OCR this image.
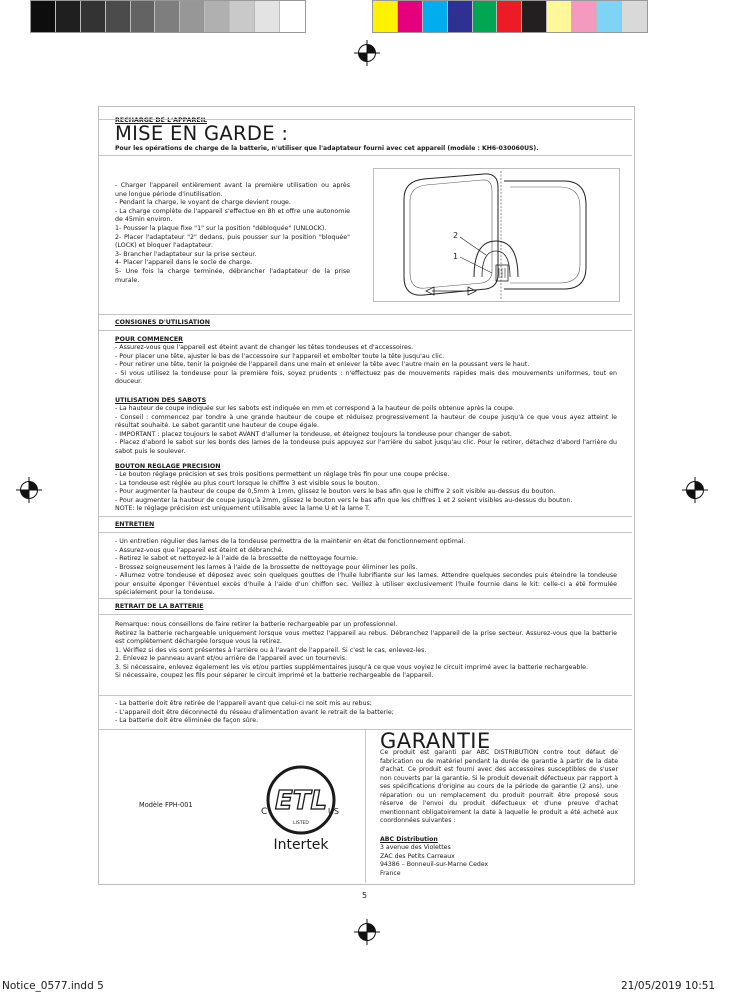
RECHARGE DE L'APPAREIL
MISE EN GARDE :
Pour les opérations de charge de la batterie, n'utiliser que l'adaptateur fourni avec cet appareil (modèle : KH6-030060US).

- Charger l'appareil entièrement avant la première utilisation ou après une longue période d'inutilisation.

- Pendant la charge, le voyant de charge devient rouge.

- La charge complète de l'appareil s'effectue en 8h et offre une autonomie de 45min environ.

1- Pousser la plaque fixe "1" sur la position "débloquée" (UNLOCK).

2- Placer l'adaptateur "2" dedans, puis pousser sur la position "bloquée" (LOCK) et bloquer l'adaptateur.

3- Brancher l'adaptateur sur la prise secteur.

4- Placer l'appareil dans le socle de charge.

5- Une fois la charge terminée, débrancher l'adaptateur de la prise murale.

2
1
CONSIGNES D'UTILISATION
POUR COMMENCER

- Assurez-vous que l'appareil est éteint avant de changer les têtes tondeuses et d'accessoires.

- Pour placer une tête, ajuster le bas de l'accessoire sur l'appareil et emboîter toute la tête jusqu'au clic.

- Pour retirer une tête, tenir la poignée de l'appareil dans une main et enlever la tête avec l'autre main en la poussant vers le haut.

- Si vous utilisez la tondeuse pour la première fois, soyez prudents : n'effectuez pas de mouvements rapides mais des mouvements uniformes, tout en douceur.

UTILISATION DES SABOTS

- La hauteur de coupe indiquée sur les sabots est indiquée en mm et correspond à la hauteur de poils obtenue après la coupe.

- Conseil : commencez par tondre à une grande hauteur de coupe et réduisez progressivement la hauteur de coupe jusqu'à ce que vous ayez atteint le résultat souhaité. Le sabot garantit une hauteur de coupe égale.

- IMPORTANT : placez toujours le sabot AVANT d'allumer la tondeuse, et éteignez toujours la tondeuse pour changer de sabot.

- Placez d'abord le sabot sur les bords des lames de la tondeuse puis appuyez sur l'arrière du sabot jusqu'au clic. Pour le retirer, détachez d'abord l'arrière du sabot puis le soulever.

BOUTON REGLAGE PRECISION

- Le bouton réglage précision et ses trois positions permettent un réglage très fin pour une coupe précise.

- La tondeuse est réglée au plus court lorsque le chiffre 3 est visible sous le bouton.

- Pour augmenter la hauteur de coupe de 0,5mm à 1mm, glissez le bouton vers le bas afin que le chiffre 2 soit visible au-dessus du bouton.

- Pour augmenter la hauteur de coupe jusqu'à 2mm, glissez le bouton vers le bas afin que les chiffres 1 et 2 soient visibles au-dessus du bouton.

NOTE: le réglage précision est uniquement utilisable avec la lame U et la lame T.

ENTRETIEN

- Un entretien régulier des lames de la tondeuse permettra de la maintenir en état de fonctionnement optimal.

- Assurez-vous que l'appareil est éteint et débranché.

- Retirez le sabot et nettoyez-le à l'aide de la brossette de nettoyage fournie.

- Brossez soigneusement les lames à l'aide de la brossette de nettoyage pour éliminer les poils.

- Allumez votre tondeuse et déposez avec soin quelques gouttes de l'huile lubrifiante sur les lames. Attendre quelques secondes puis éteindre la tondeuse pour ensuite éponger l'éventuel excès d'huile à l'aide d'un chiffon sec. Veillez à utiliser exclusivement l'huile fournie dans le kit: celle-ci a été formulée spécialement pour la tondeuse.

RETRAIT DE LA BATTERIE

Remarque: nous conseillons de faire retirer la batterie rechargeable par un professionnel.

Retirez la batterie rechargeable uniquement lorsque vous mettez l'appareil au rebus. Débranchez l'appareil de la prise secteur. Assurez-vous que la batterie est complètement déchargée lorsque vous la retirez.

1. Vérifiez si des vis sont présentes à l'arrière ou à l'avant de l'appareil. Si c'est le cas, enlevez-les.

2. Enlevez le panneau avant et/ou arrière de l'appareil avec un tournevis.

3. Si nécessaire, enlevez également les vis et/ou parties supplémentaires jusqu'à ce que vous voyiez le circuit imprimé avec la batterie rechargeable.

Si nécessaire, coupez les fils pour séparer le circuit imprimé et la batterie rechargeable de l'appareil.

- La batterie doit être retirée de l'appareil avant que celui-ci ne soit mis au rebus;

- L'appareil doit être déconnecté du réseau d'alimentation avant le retrait de la batterie;

- La batterie doit être éliminée de façon sûre.

Modèle FPH-001	ETL
LISTED
C	US
Intertek
GARANTIE
Ce produit est garanti par ABC DISTRIBUTION contre tout défaut de fabrication ou de matériel pendant la durée de garantie à partir de la date d'achat. Ce produit est fourni avec des accessoires susceptibles de s'user non couverts par la garantie. Si le produit devenait défectueux par rapport à ses spécifications d'origine au cours de la période de garantie (2 ans), une réparation ou un remplacement du produit pourrait être proposé sous réserve de l'envoi du produit défectueux et d'une preuve d'achat mentionnant obligatoirement la date à laquelle le produit a été acheté aux coordonnées suivantes :

ABC Distribution

3 avenue des Violettes

ZAC des Petits Carreaux

94386 – Bonneuil-sur-Marne Cedex

France

5
Notice_0577.indd 5	21/05/2019 10:51
